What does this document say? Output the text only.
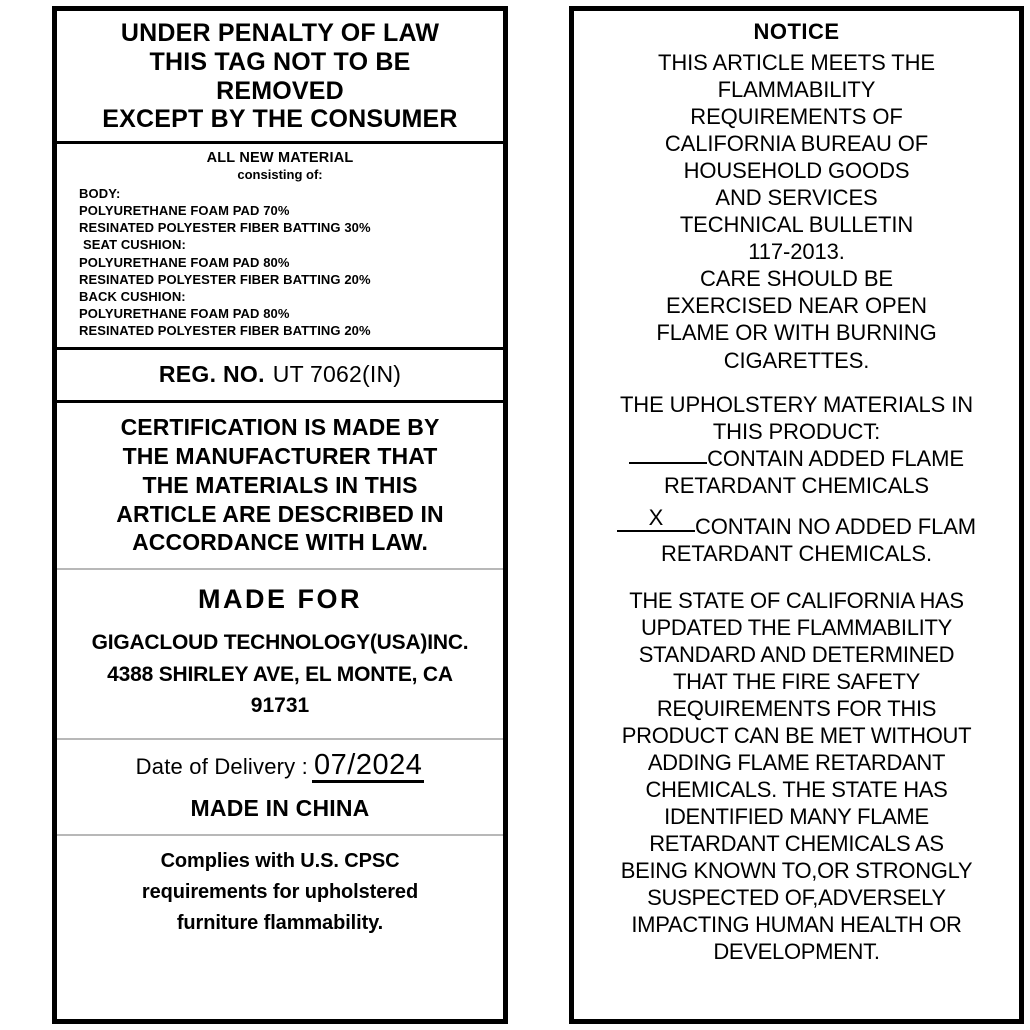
UNDER PENALTY OF LAW
THIS TAG NOT TO BE
REMOVED
EXCEPT BY THE CONSUMER
ALL NEW MATERIAL
consisting of:
BODY:
POLYURETHANE FOAM PAD 70%
RESINATED POLYESTER FIBER BATTING 30%
SEAT CUSHION:
POLYURETHANE FOAM PAD 80%
RESINATED POLYESTER FIBER BATTING 20%
BACK CUSHION:
POLYURETHANE FOAM PAD 80%
RESINATED POLYESTER FIBER BATTING 20%
REG. NO. UT 7062(IN)
CERTIFICATION IS MADE BY
THE MANUFACTURER THAT
THE MATERIALS IN THIS
ARTICLE ARE DESCRIBED IN
ACCORDANCE WITH LAW.
MADE FOR
GIGACLOUD TECHNOLOGY(USA)INC.
4388 SHIRLEY AVE, EL MONTE, CA
91731
Date of Delivery : 07/2024
MADE IN CHINA
Complies with U.S. CPSC
requirements for upholstered
furniture flammability.
NOTICE
THIS ARTICLE MEETS THE
FLAMMABILITY
REQUIREMENTS OF
CALIFORNIA BUREAU OF
HOUSEHOLD GOODS
AND SERVICES
TECHNICAL BULLETIN
117-2013.
CARE SHOULD BE
EXERCISED NEAR OPEN
FLAME OR WITH BURNING
CIGARETTES.
THE UPHOLSTERY MATERIALS IN
THIS PRODUCT:
CONTAIN ADDED FLAME
RETARDANT CHEMICALS
X CONTAIN NO ADDED FLAM
RETARDANT CHEMICALS.
THE STATE OF CALIFORNIA HAS
UPDATED THE FLAMMABILITY
STANDARD AND DETERMINED
THAT THE FIRE SAFETY
REQUIREMENTS FOR THIS
PRODUCT CAN BE MET WITHOUT
ADDING FLAME RETARDANT
CHEMICALS. THE STATE HAS
IDENTIFIED MANY FLAME
RETARDANT CHEMICALS AS
BEING KNOWN TO,OR STRONGLY
SUSPECTED OF,ADVERSELY
IMPACTING HUMAN HEALTH OR
DEVELOPMENT.
